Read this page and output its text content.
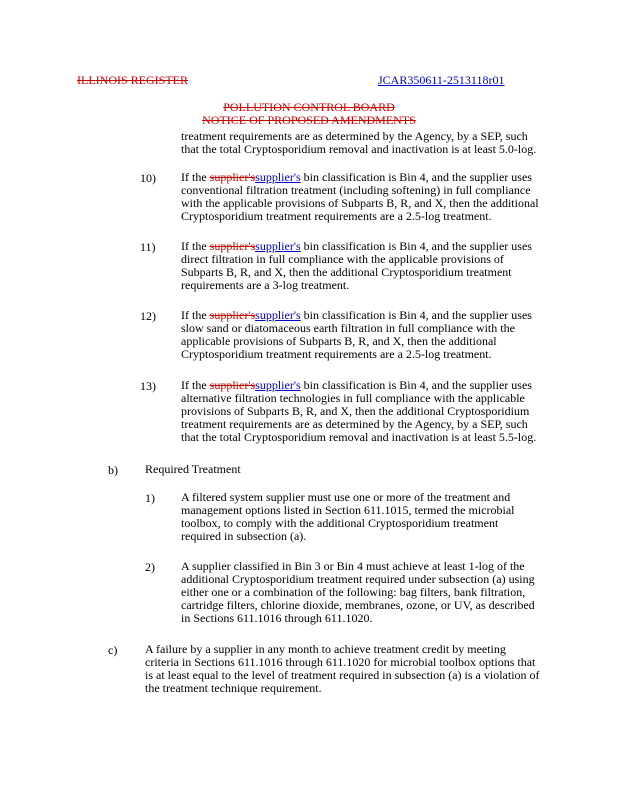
ILLINOIS REGISTER	JCAR350611-2513118r01
POLLUTION CONTROL BOARD
NOTICE OF PROPOSED AMENDMENTS
treatment requirements are as determined by the Agency, by a SEP, such
that the total Cryptosporidium removal and inactivation is at least 5.0-log.
10) If the supplier'ssupplier's bin classification is Bin 4, and the supplier uses
conventional filtration treatment (including softening) in full compliance
with the applicable provisions of Subparts B, R, and X, then the additional
Cryptosporidium treatment requirements are a 2.5-log treatment.
11) If the supplier'ssupplier's bin classification is Bin 4, and the supplier uses
direct filtration in full compliance with the applicable provisions of
Subparts B, R, and X, then the additional Cryptosporidium treatment
requirements are a 3-log treatment.
12) If the supplier'ssupplier's bin classification is Bin 4, and the supplier uses
slow sand or diatomaceous earth filtration in full compliance with the
applicable provisions of Subparts B, R, and X, then the additional
Cryptosporidium treatment requirements are a 2.5-log treatment.
13) If the supplier'ssupplier's bin classification is Bin 4, and the supplier uses
alternative filtration technologies in full compliance with the applicable
provisions of Subparts B, R, and X, then the additional Cryptosporidium
treatment requirements are as determined by the Agency, by a SEP, such
that the total Cryptosporidium removal and inactivation is at least 5.5-log.
b) Required Treatment
1) A filtered system supplier must use one or more of the treatment and
management options listed in Section 611.1015, termed the microbial
toolbox, to comply with the additional Cryptosporidium treatment
required in subsection (a).
2) A supplier classified in Bin 3 or Bin 4 must achieve at least 1-log of the
additional Cryptosporidium treatment required under subsection (a) using
either one or a combination of the following: bag filters, bank filtration,
cartridge filters, chlorine dioxide, membranes, ozone, or UV, as described
in Sections 611.1016 through 611.1020.
c) A failure by a supplier in any month to achieve treatment credit by meeting
criteria in Sections 611.1016 through 611.1020 for microbial toolbox options that
is at least equal to the level of treatment required in subsection (a) is a violation of
the treatment technique requirement.
